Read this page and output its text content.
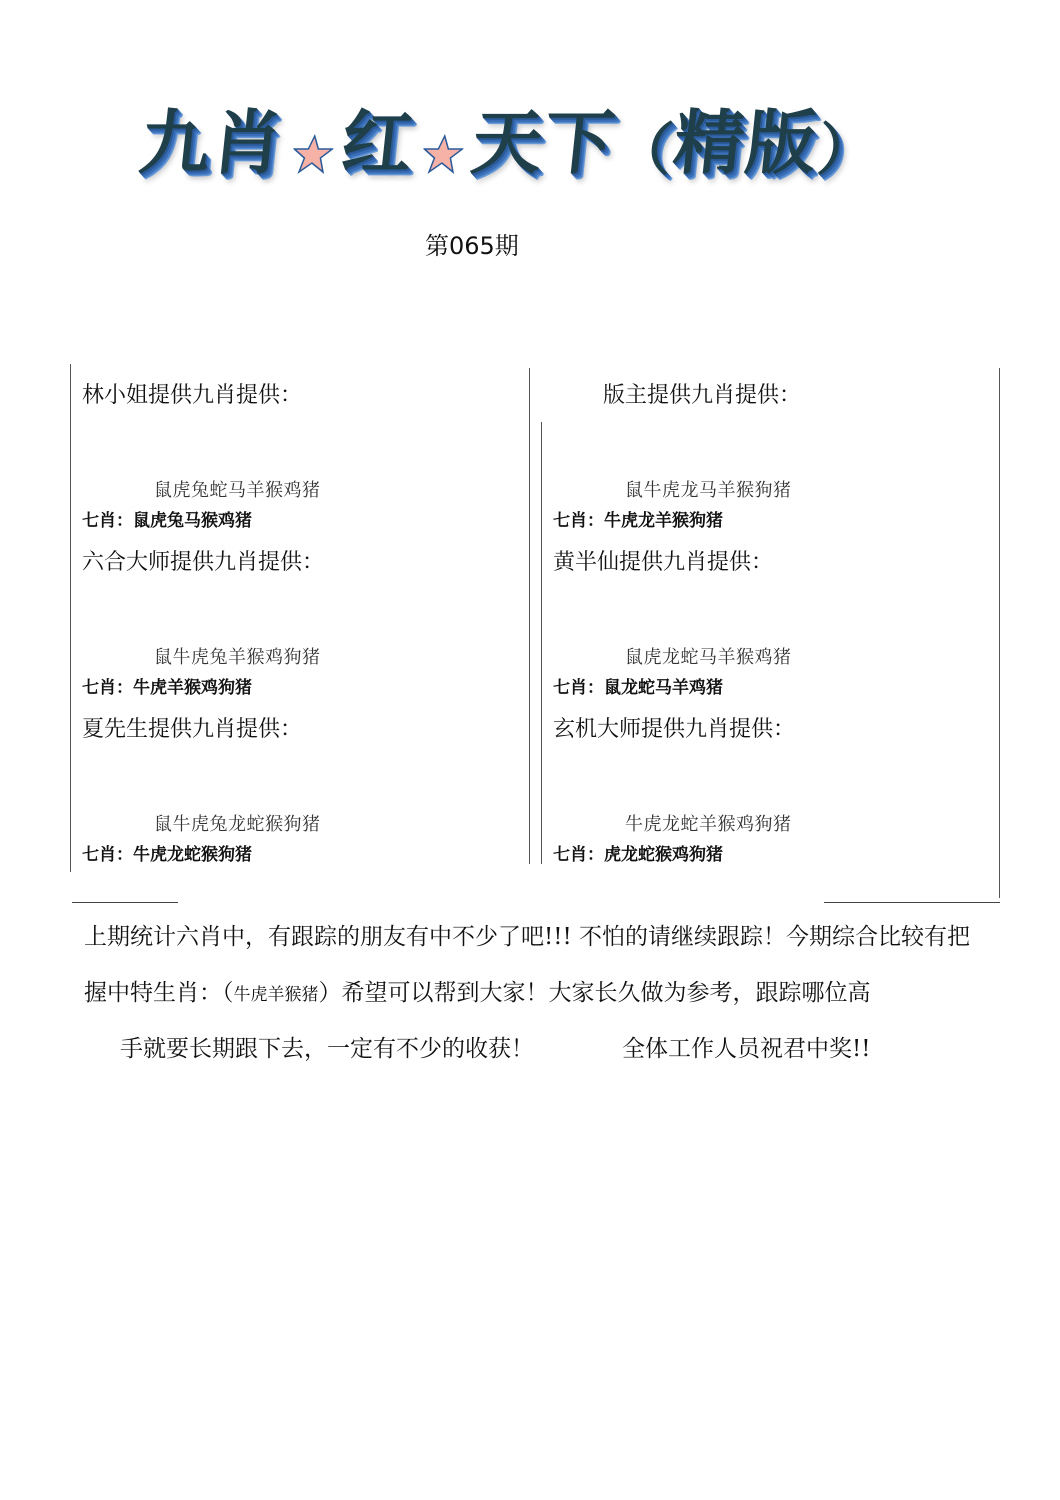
九
肖 红 天
下
（
精
版
）
第065期
林小姐提供九肖提供：
鼠虎兔蛇马羊猴鸡猪
七肖：鼠虎兔马猴鸡猪
版主提供九肖提供：
鼠牛虎龙马羊猴狗猪
七肖：牛虎龙羊猴狗猪
六合大师提供九肖提供：
鼠牛虎兔羊猴鸡狗猪
七肖：牛虎羊猴鸡狗猪
黄半仙提供九肖提供：
鼠虎龙蛇马羊猴鸡猪
七肖：鼠龙蛇马羊鸡猪
夏先生提供九肖提供：
鼠牛虎兔龙蛇猴狗猪
七肖：牛虎龙蛇猴狗猪
玄机大师提供九肖提供：
牛虎龙蛇羊猴鸡狗猪
七肖：虎龙蛇猴鸡狗猪
上期统计六肖中，有跟踪的朋友有中不少了吧!!! 不怕的请继续跟踪！今期综合比较有把
握中特生肖：（牛虎羊猴猪）希望可以帮到大家！大家长久做为参考，跟踪哪位高
手就要长期跟下去，一定有不少的收获！	全体工作人员祝君中奖!!
